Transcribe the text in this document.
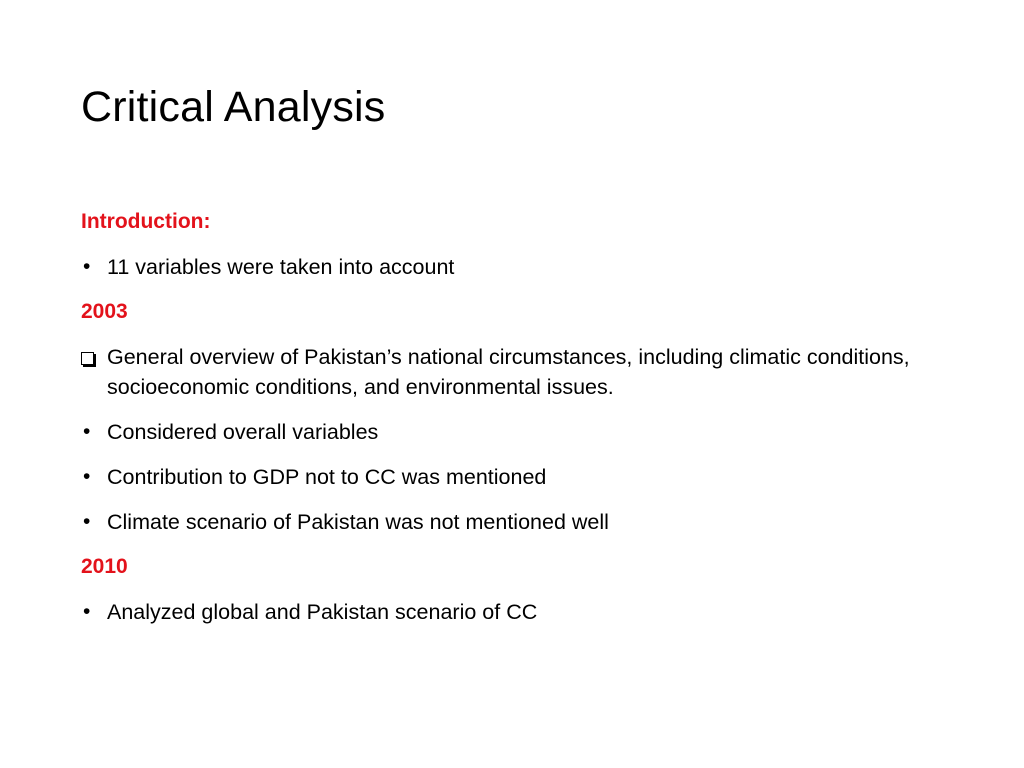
Critical Analysis
Introduction:
• 11 variables were taken into account
2003
General overview of Pakistan’s national circumstances, including climatic conditions, socioeconomic conditions, and environmental issues.
• Considered overall variables
• Contribution to GDP not to CC was mentioned
• Climate scenario of Pakistan was not mentioned well
2010
• Analyzed global and Pakistan scenario of CC
